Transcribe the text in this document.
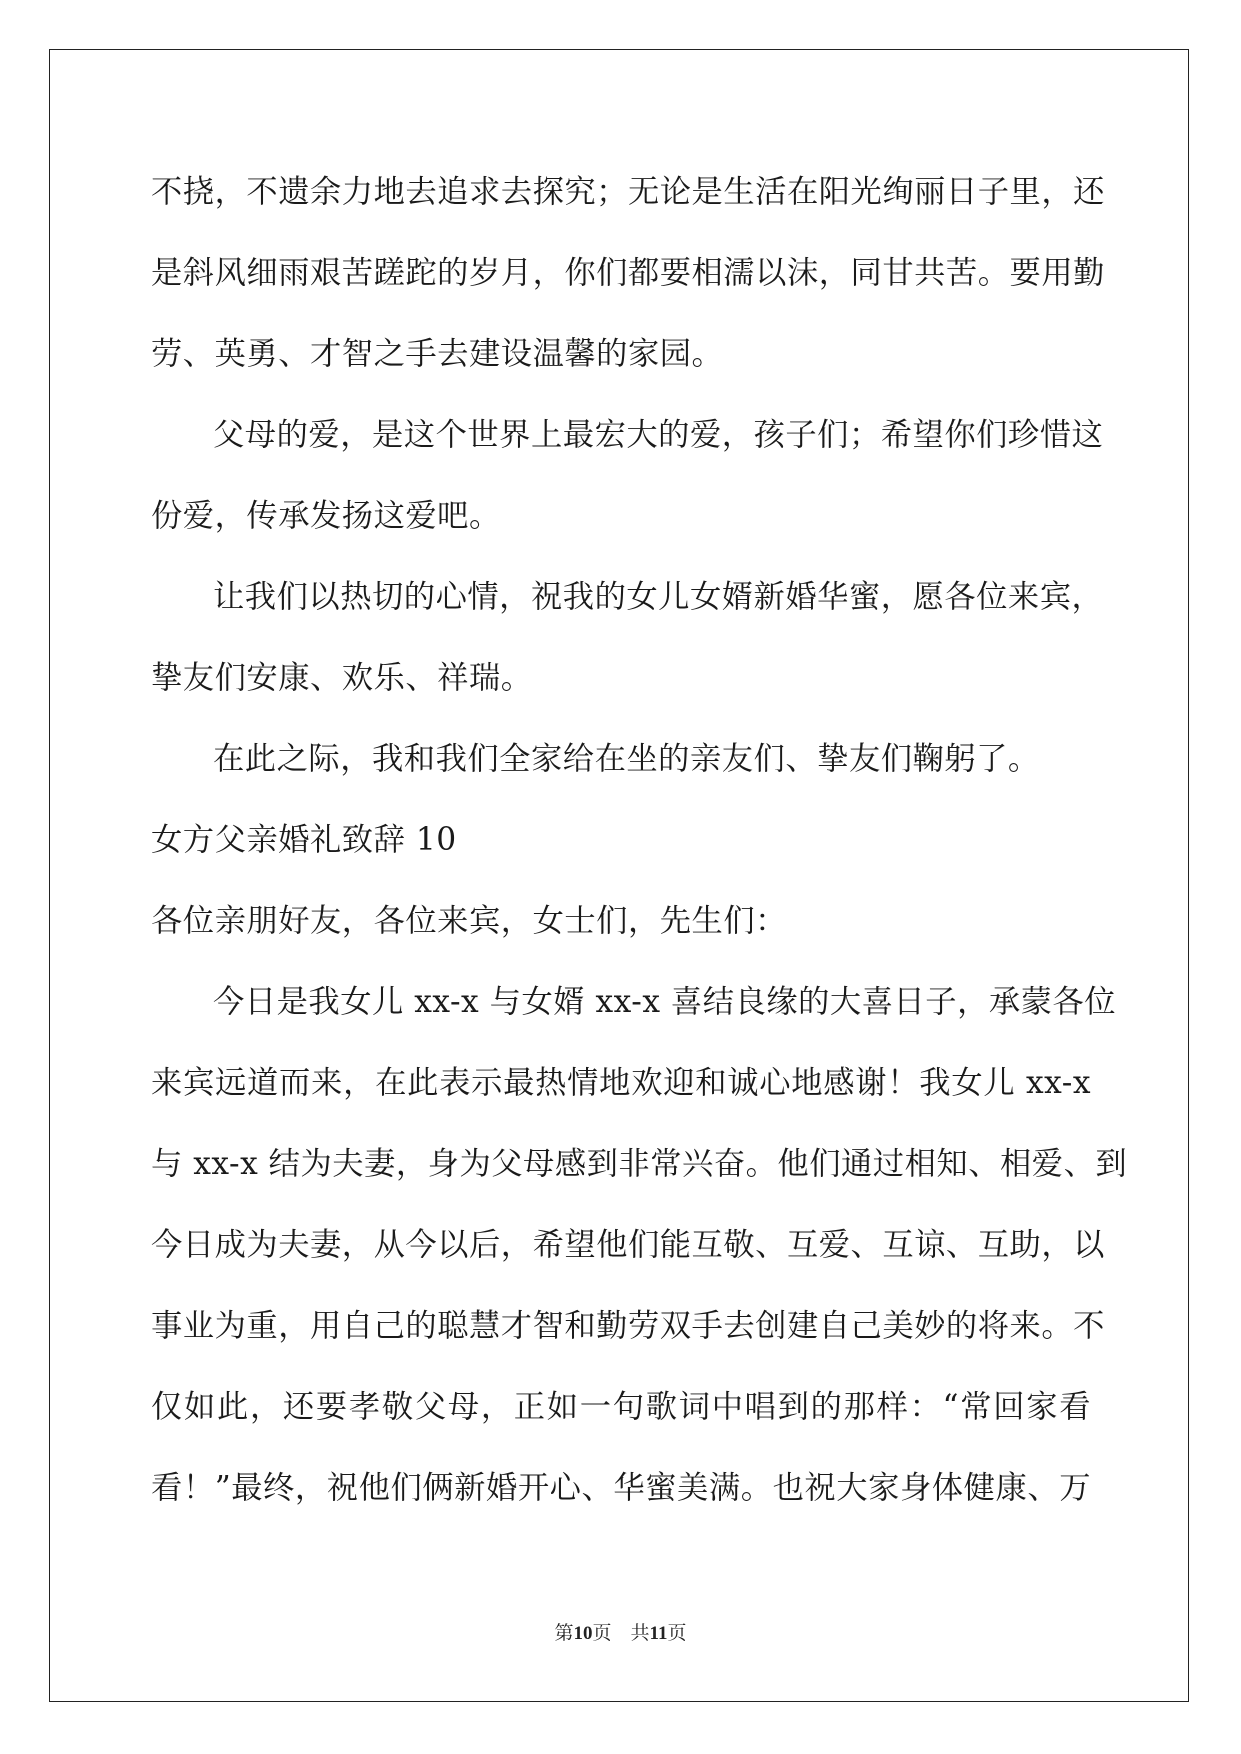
不挠，不遗余力地去追求去探究；无论是生活在阳光绚丽日子里，还
是斜风细雨艰苦蹉跎的岁月，你们都要相濡以沫，同甘共苦。要用勤
劳、英勇、才智之手去建设温馨的家园。
父母的爱，是这个世界上最宏大的爱，孩子们；希望你们珍惜这
份爱，传承发扬这爱吧。
让我们以热切的心情，祝我的女儿女婿新婚华蜜，愿各位来宾，
挚友们安康、欢乐、祥瑞。
在此之际，我和我们全家给在坐的亲友们、挚友们鞠躬了。
女方父亲婚礼致辞 10
各位亲朋好友，各位来宾，女士们，先生们：
今日是我女儿 xx-x 与女婿 xx-x 喜结良缘的大喜日子，承蒙各位
来宾远道而来，在此表示最热情地欢迎和诚心地感谢！我女儿 xx-x
与 xx-x 结为夫妻，身为父母感到非常兴奋。他们通过相知、相爱、到
今日成为夫妻，从今以后，希望他们能互敬、互爱、互谅、互助，以
事业为重，用自己的聪慧才智和勤劳双手去创建自己美妙的将来。不
仅如此，还要孝敬父母，正如一句歌词中唱到的那样：“常回家看
看！”最终，祝他们俩新婚开心、华蜜美满。也祝大家身体健康、万
第10页　共11页
